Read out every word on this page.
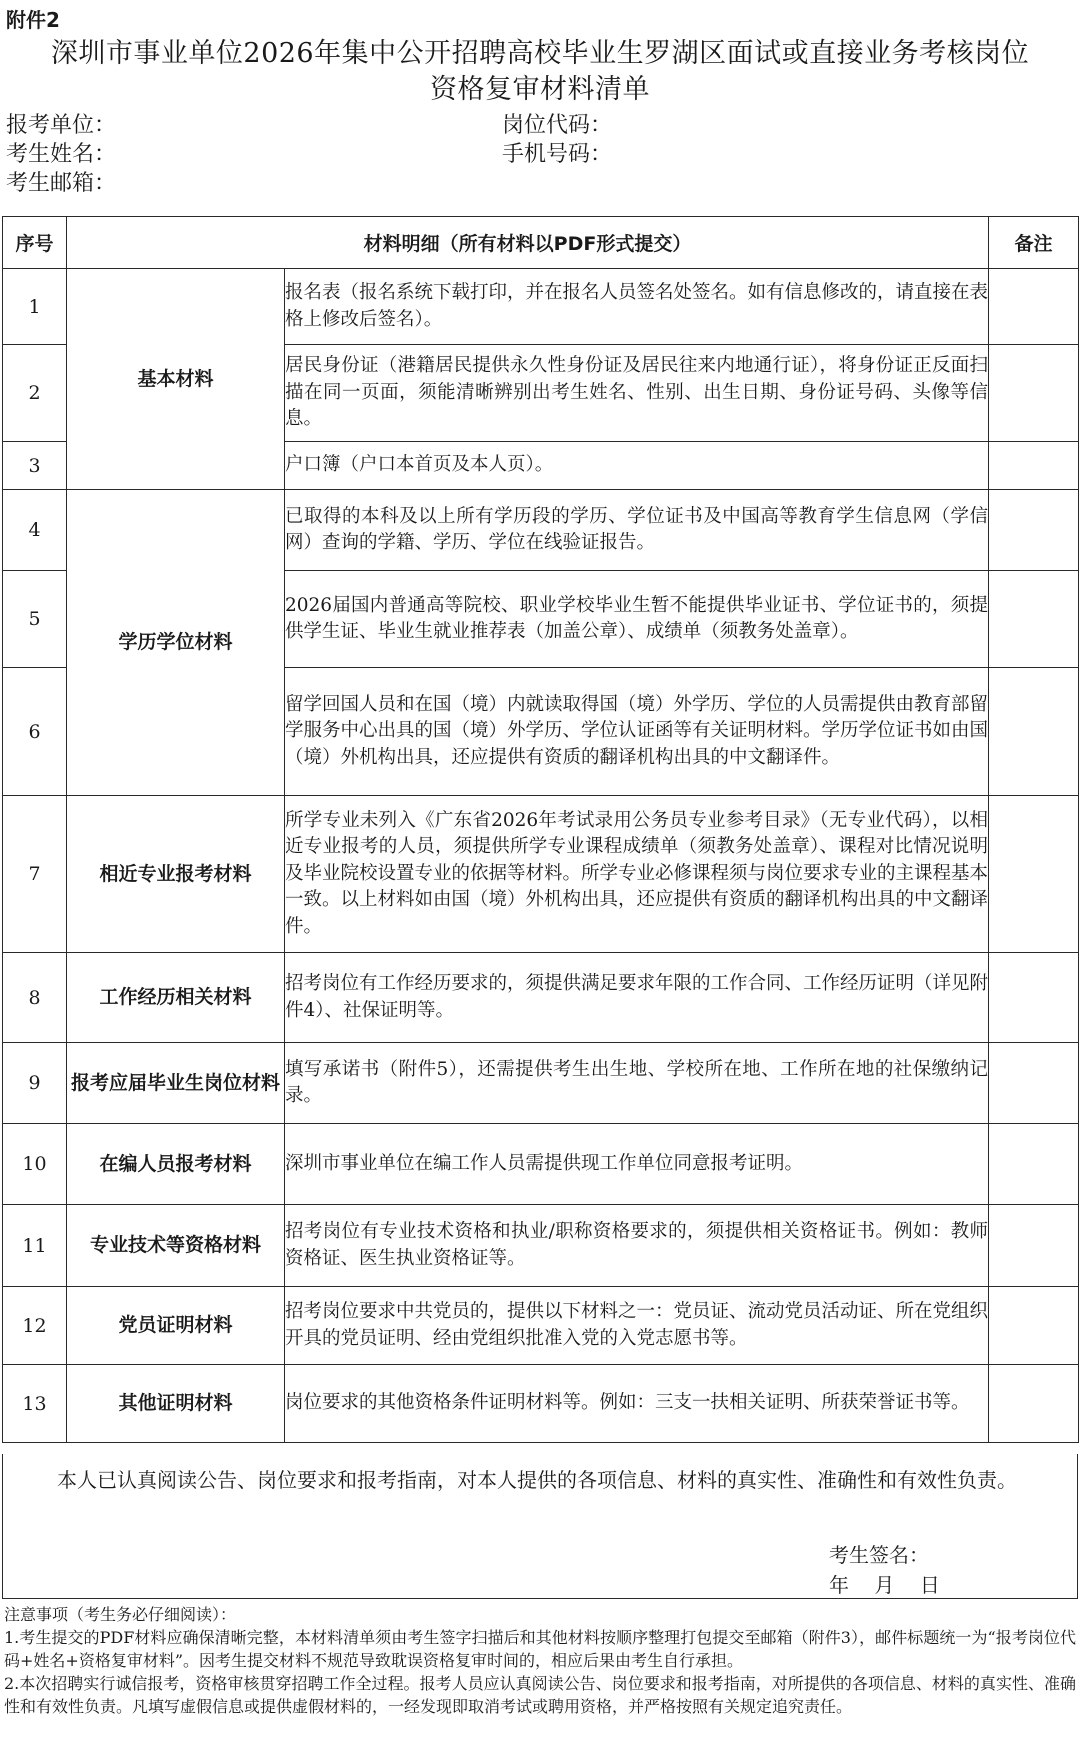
附件2
深圳市事业单位2026年集中公开招聘高校毕业生罗湖区面试或直接业务考核岗位
资格复审材料清单
报考单位：	岗位代码：
考生姓名：	手机号码：
考生邮箱：
序号	材料明细（所有材料以PDF形式提交）		备注
1	基本材料	报名表（报名系统下载打印，并在报名人员签名处签名。如有信息修改的，请直接在表格上修改后签名）。	
2		居民身份证（港籍居民提供永久性身份证及居民往来内地通行证），将身份证正反面扫描在同一页面，须能清晰辨别出考生姓名、性别、出生日期、身份证号码、头像等信息。	
3		户口簿（户口本首页及本人页）。	
4	学历学位材料	已取得的本科及以上所有学历段的学历、学位证书及中国高等教育学生信息网（学信网）查询的学籍、学历、学位在线验证报告。	
5		2026届国内普通高等院校、职业学校毕业生暂不能提供毕业证书、学位证书的，须提供学生证、毕业生就业推荐表（加盖公章）、成绩单（须教务处盖章）。	
6		留学回国人员和在国（境）内就读取得国（境）外学历、学位的人员需提供由教育部留学服务中心出具的国（境）外学历、学位认证函等有关证明材料。学历学位证书如由国（境）外机构出具，还应提供有资质的翻译机构出具的中文翻译件。	
7	相近专业报考材料	所学专业未列入《广东省2026年考试录用公务员专业参考目录》（无专业代码），以相近专业报考的人员，须提供所学专业课程成绩单（须教务处盖章）、课程对比情况说明及毕业院校设置专业的依据等材料。所学专业必修课程须与岗位要求专业的主课程基本一致。以上材料如由国（境）外机构出具，还应提供有资质的翻译机构出具的中文翻译件。	
8	工作经历相关材料	招考岗位有工作经历要求的，须提供满足要求年限的工作合同、工作经历证明（详见附件4）、社保证明等。	
9	报考应届毕业生岗位材料	填写承诺书（附件5），还需提供考生出生地、学校所在地、工作所在地的社保缴纳记录。	
10	在编人员报考材料	深圳市事业单位在编工作人员需提供现工作单位同意报考证明。	
11	专业技术等资格材料	招考岗位有专业技术资格和执业/职称资格要求的，须提供相关资格证书。例如：教师资格证、医生执业资格证等。	
12	党员证明材料	招考岗位要求中共党员的，提供以下材料之一：党员证、流动党员活动证、所在党组织开具的党员证明、经由党组织批准入党的入党志愿书等。	
13	其他证明材料	岗位要求的其他资格条件证明材料等。例如：三支一扶相关证明、所获荣誉证书等。	
本人已认真阅读公告、岗位要求和报考指南，对本人提供的各项信息、材料的真实性、准确性和有效性负责。
考生签名：
年    月    日
注意事项（考生务必仔细阅读）：
1.考生提交的PDF材料应确保清晰完整，本材料清单须由考生签字扫描后和其他材料按顺序整理打包提交至邮箱（附件3），邮件标题统一为“报考岗位代码+姓名+资格复审材料”。因考生提交材料不规范导致耽误资格复审时间的，相应后果由考生自行承担。
2.本次招聘实行诚信报考，资格审核贯穿招聘工作全过程。报考人员应认真阅读公告、岗位要求和报考指南，对所提供的各项信息、材料的真实性、准确性和有效性负责。凡填写虚假信息或提供虚假材料的，一经发现即取消考试或聘用资格，并严格按照有关规定追究责任。
